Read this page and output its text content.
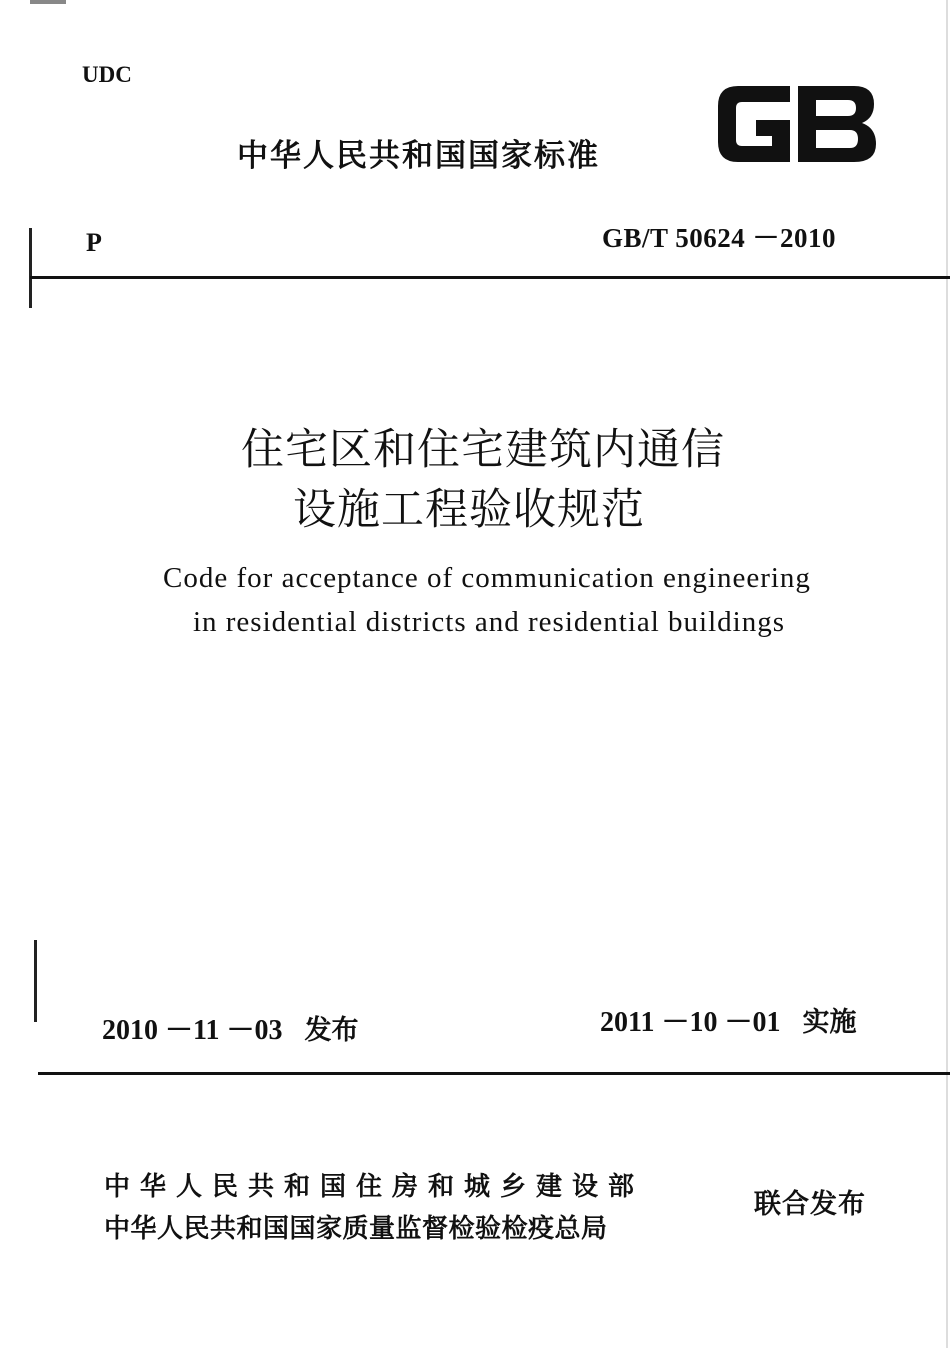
UDC
中华人民共和国国家标准
P	GB/T 50624 －2010
住宅区和住宅建筑内通信
设施工程验收规范
Code for acceptance of communication engineering
in residential districts and residential buildings
2010 －11 －03 发布	2011 －10 －01 实施
中华人民共和国住房和城乡建设部
中华人民共和国国家质量监督检验检疫总局
联合发布
